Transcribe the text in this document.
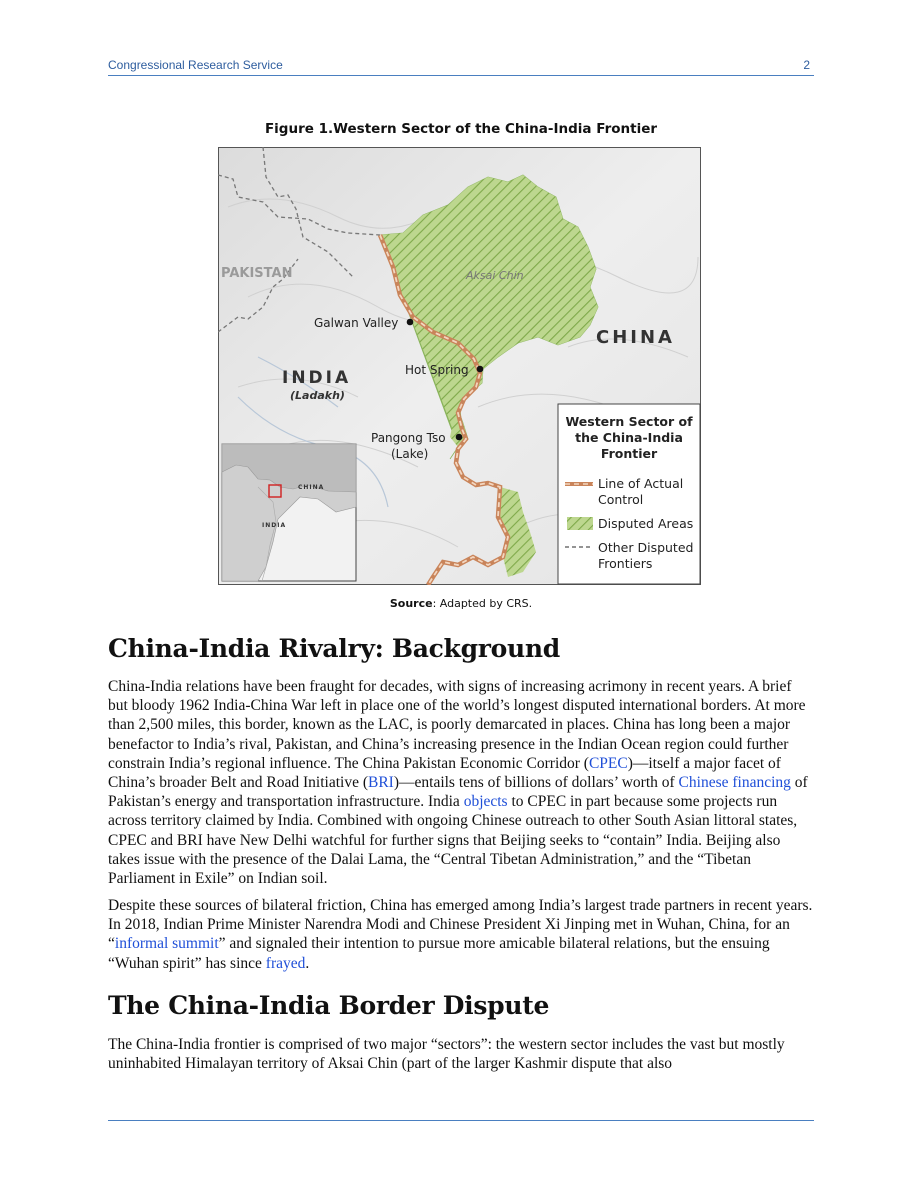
Congressional Research Service	2
Figure 1.Western Sector of the China-India Frontier
PAKISTAN	Aksai Chin
CHINA
INDIA
(Ladakh)
Galwan Valley
Hot Spring
Pangong Tso
(Lake)
CHINA
INDIA
Western Sector of
the China-India
Frontier
Line of Actual
Control
Disputed Areas
Other Disputed
Frontiers
Source: Adapted by CRS.
China-India Rivalry: Background

China-India relations have been fraught for decades, with signs of increasing acrimony in recent years. A brief but bloody 1962 India-China War left in place one of the world’s longest disputed international borders. At more than 2,500 miles, this border, known as the LAC, is poorly demarcated in places. China has long been a major benefactor to India’s rival, Pakistan, and China’s increasing presence in the Indian Ocean region could further constrain India’s regional influence. The China Pakistan Economic Corridor (CPEC)—itself a major facet of China’s broader Belt and Road Initiative (BRI)—entails tens of billions of dollars’ worth of Chinese financing of Pakistan’s energy and transportation infrastructure. India objects to CPEC in part because some projects run across territory claimed by India. Combined with ongoing Chinese outreach to other South Asian littoral states, CPEC and BRI have New Delhi watchful for further signs that Beijing seeks to “contain” India. Beijing also takes issue with the presence of the Dalai Lama, the “Central Tibetan Administration,” and the “Tibetan Parliament in Exile” on Indian soil.

Despite these sources of bilateral friction, China has emerged among India’s largest trade partners in recent years. In 2018, Indian Prime Minister Narendra Modi and Chinese President Xi Jinping met in Wuhan, China, for an “informal summit” and signaled their intention to pursue more amicable bilateral relations, but the ensuing “Wuhan spirit” has since frayed.

The China-India Border Dispute

The China-India frontier is comprised of two major “sectors”: the western sector includes the vast but mostly uninhabited Himalayan territory of Aksai Chin (part of the larger Kashmir dispute that also
